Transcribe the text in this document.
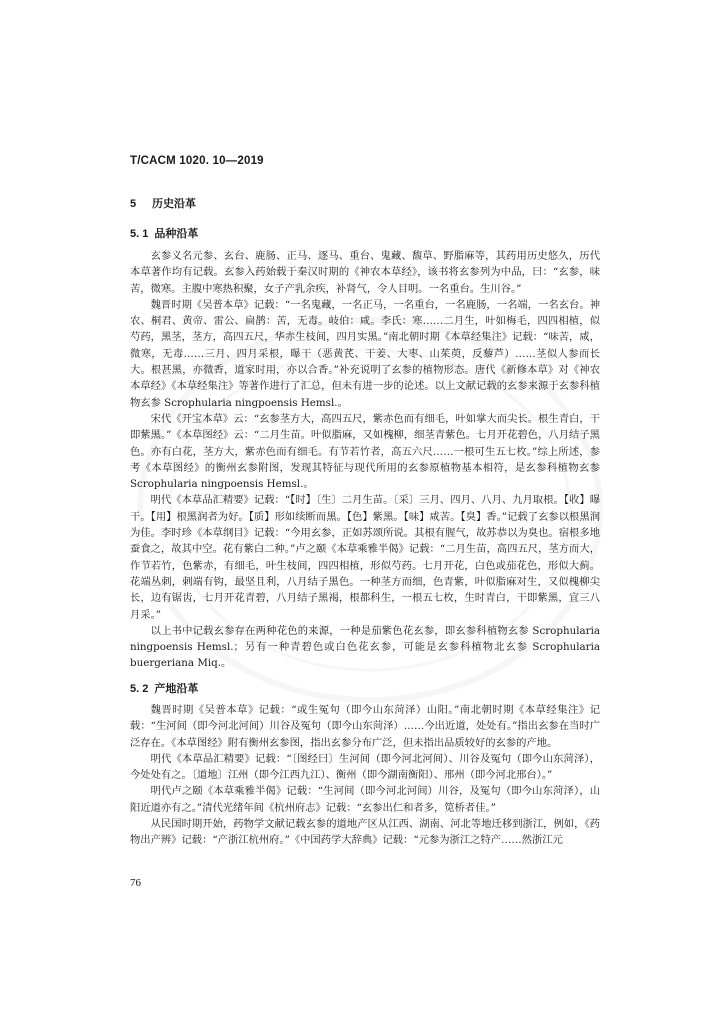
T/CACM 1020. 10—2019
5 历史沿革
5. 1 品种沿革

玄参义名元参、玄台、鹿肠、正马、逐马、重台、鬼藏、馥草、野脂麻等，其药用历史悠久，历代本草著作均有记载。玄参入药始载于秦汉时期的《神农本草经》，该书将玄参列为中品，曰：“玄参，味苦，微寒。主腹中寒热积聚，女子产乳余疾，补肾气，令人目明。一名重台。生川谷。”

魏晋时期《吴普本草》记载：“一名鬼藏，一名正马，一名重台，一名鹿肠，一名端，一名玄台。神农、桐君、黄帝、雷公、扁鹊：苦，无毒。岐伯：咸。李氏：寒……二月生，叶如梅毛，四四相植，似芍药，黑茎，茎方，高四五尺，华赤生枝间，四月实黑。”南北朝时期《本草经集注》记载：“味苦，咸，微寒，无毒……三月、四月采根，曝干（恶黄芪、干姜、大枣、山茱萸，反藜芦）……茎似人参而长大。根甚黑，亦微香，道家时用，亦以合香。”补充说明了玄参的植物形态。唐代《新修本草》对《神农本草经》《本草经集注》等著作进行了汇总，但未有进一步的论述。以上文献记载的玄参来源于玄参科植物玄参 Scrophularia ningpoensis Hemsl.。

宋代《开宝本草》云：“玄参茎方大，高四五尺，紫赤色而有细毛，叶如掌大而尖长。根生青白，干即紫黑。”《本草图经》云：“二月生苗。叶似脂麻，又如槐柳，细茎青紫色。七月开花碧色，八月结子黑色。亦有白花，茎方大，紫赤色而有细毛。有节若竹者，高五六尺……一根可生五七枚。”综上所述，参考《本草图经》的衡州玄参附图，发现其特征与现代所用的玄参原植物基本相符，是玄参科植物玄参 Scrophularia ningpoensis Hemsl.。

明代《本草品汇精要》记载：“【时】〔生〕二月生苗。〔采〕三月、四月、八月、九月取根。【收】曝干。【用】根黑润者为好。【质】形如续断而黑。【色】紫黑。【味】咸苦。【臭】香。”记载了玄参以根黑润为佳。李时珍《本草纲目》记载：“今用玄参，正如苏颂所说。其根有腥气，故苏恭以为臭也。宿根多地蚕食之，故其中空。花有紫白二种。”卢之颐《本草乘雅半偈》记载：“二月生苗，高四五尺，茎方而大，作节若竹，色紫赤，有细毛，叶生枝间，四四相植，形似芍药。七月开花，白色或茄花色，形似大蓟。花端丛刺，刺端有钩，最坚且利，八月结子黑色。一种茎方而细，色青紫，叶似脂麻对生，又似槐柳尖长，边有锯齿，七月开花青碧，八月结子黑褐，根都科生，一根五七枚，生时青白，干即紫黑，宜三八月采。”

以上书中记载玄参存在两种花色的来源，一种是茄紫色花玄参，即玄参科植物玄参 Scrophularia ningpoensis Hemsl.；另有一种青碧色或白色花玄参，可能是玄参科植物北玄参 Scrophularia buergeriana Miq.。

5. 2 产地沿革

魏晋时期《吴普本草》记载：“或生冤句（即今山东菏泽）山阳。”南北朝时期《本草经集注》记载：“生河间（即今河北河间）川谷及冤句（即今山东菏泽）……今出近道，处处有。”指出玄参在当时广泛存在。《本草图经》附有衡州玄参图，指出玄参分布广泛，但未指出品质较好的玄参的产地。

明代《本草品汇精要》记载：“〔图经曰〕生河间（即今河北河间）、川谷及冤句（即今山东菏泽），今处处有之。〔道地〕江州（即今江西九江）、衡州（即今湖南衡阳）、邢州（即今河北邢台）。”

明代卢之颐《本草乘雅半偈》记载：“生河间（即今河北河间）川谷，及冤句（即今山东菏泽），山阳近道亦有之。”清代光绪年间《杭州府志》记载：“玄参出仁和者多，笕桥者佳。”

从民国时期开始，药物学文献记载玄参的道地产区从江西、湖南、河北等地迁移到浙江，例如，《药物出产辨》记载：“产浙江杭州府。”《中国药学大辞典》记载：“元参为浙江之特产……然浙江元

76
